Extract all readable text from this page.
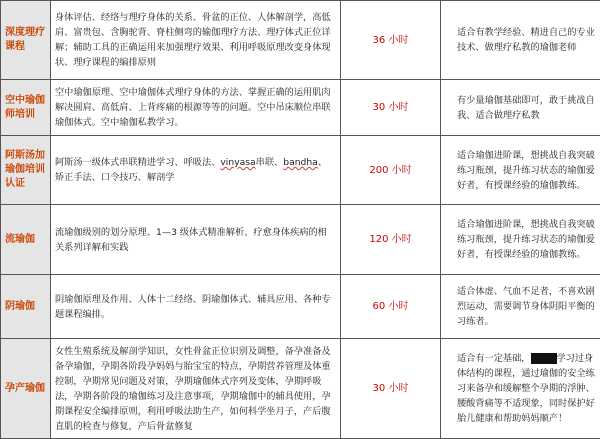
深度理疗课程	身体评估、经络与理疗身体的关系、骨盆的正位、人体解剖学，高低肩、富贵包、含胸驼背、脊柱侧弯的输伽理疗方法、理疗体式正位详解；辅助工具的正确运用来加强理疗效果、利用呼吸原理改变身体现状、理疗课程的编排原则	36 小时	适合有教学经验、精进自己的专业技术、做理疗私教的瑜伽老师
空中瑜伽师培训	空中瑜伽原理、空中瑜伽体式理疗身体的方法、掌握正确的运用肌肉解决圆肩、高低肩、上背疼痛的根源等等的问题。空中吊床顺位串联瑜伽体式。空中瑜伽私教学习。	30 小时	有少量瑜伽基础即可，敢于挑战自我、适合做理疗私教
阿斯汤加瑜伽培训认证	阿斯汤一级体式串联精进学习、呼吸法、vinyasa串联、bandha、矫正手法、口令技巧、解剖学	200 小时	适合瑜伽进阶课，想挑战自我突破练习瓶颈，提升练习状态的瑜伽爱好者，有授课经验的瑜伽教练。
流瑜伽	流瑜伽级别的划分原理、1—3 级体式精准解析、疗愈身体疾病的相关系列详解和实践	120 小时	适合瑜伽进阶课，想挑战自我突破练习瓶颈，提升练习状态的瑜伽爱好者，有授课经验的瑜伽教练。
阴瑜伽	阴瑜伽原理及作用、人体十二经络、阴瑜伽体式、辅具应用、各种专题课程编排。	60 小时	适合体虚、气血不足者，不喜欢剧烈运动，需要调节身体阴阳平衡的习练者。
孕产瑜伽	女性生殖系统及解剖学知识，女性骨盆正位识别及调整，备孕准备及备孕瑜伽，孕期各阶段孕妈妈与胎宝宝的特点，孕期营养管理及体重控制，孕期常见问题及对策，孕期瑜伽体式序列及变体，孕期呼吸法，孕期各阶段的瑜伽练习及注意事项，孕期瑜伽中的辅具使用，孕期课程安全编排原则，利用呼吸法助生产，如何科学坐月子，产后腹直肌的检查与修复，产后骨盆修复	30 小时	适合有一定基础， 学习过身体结构的课程，通过瑜伽的安全练习来备孕和缓解整个孕期的浮肿、腰酸背痛等不适现象，同时保护好胎儿健康和帮助妈妈顺产！
